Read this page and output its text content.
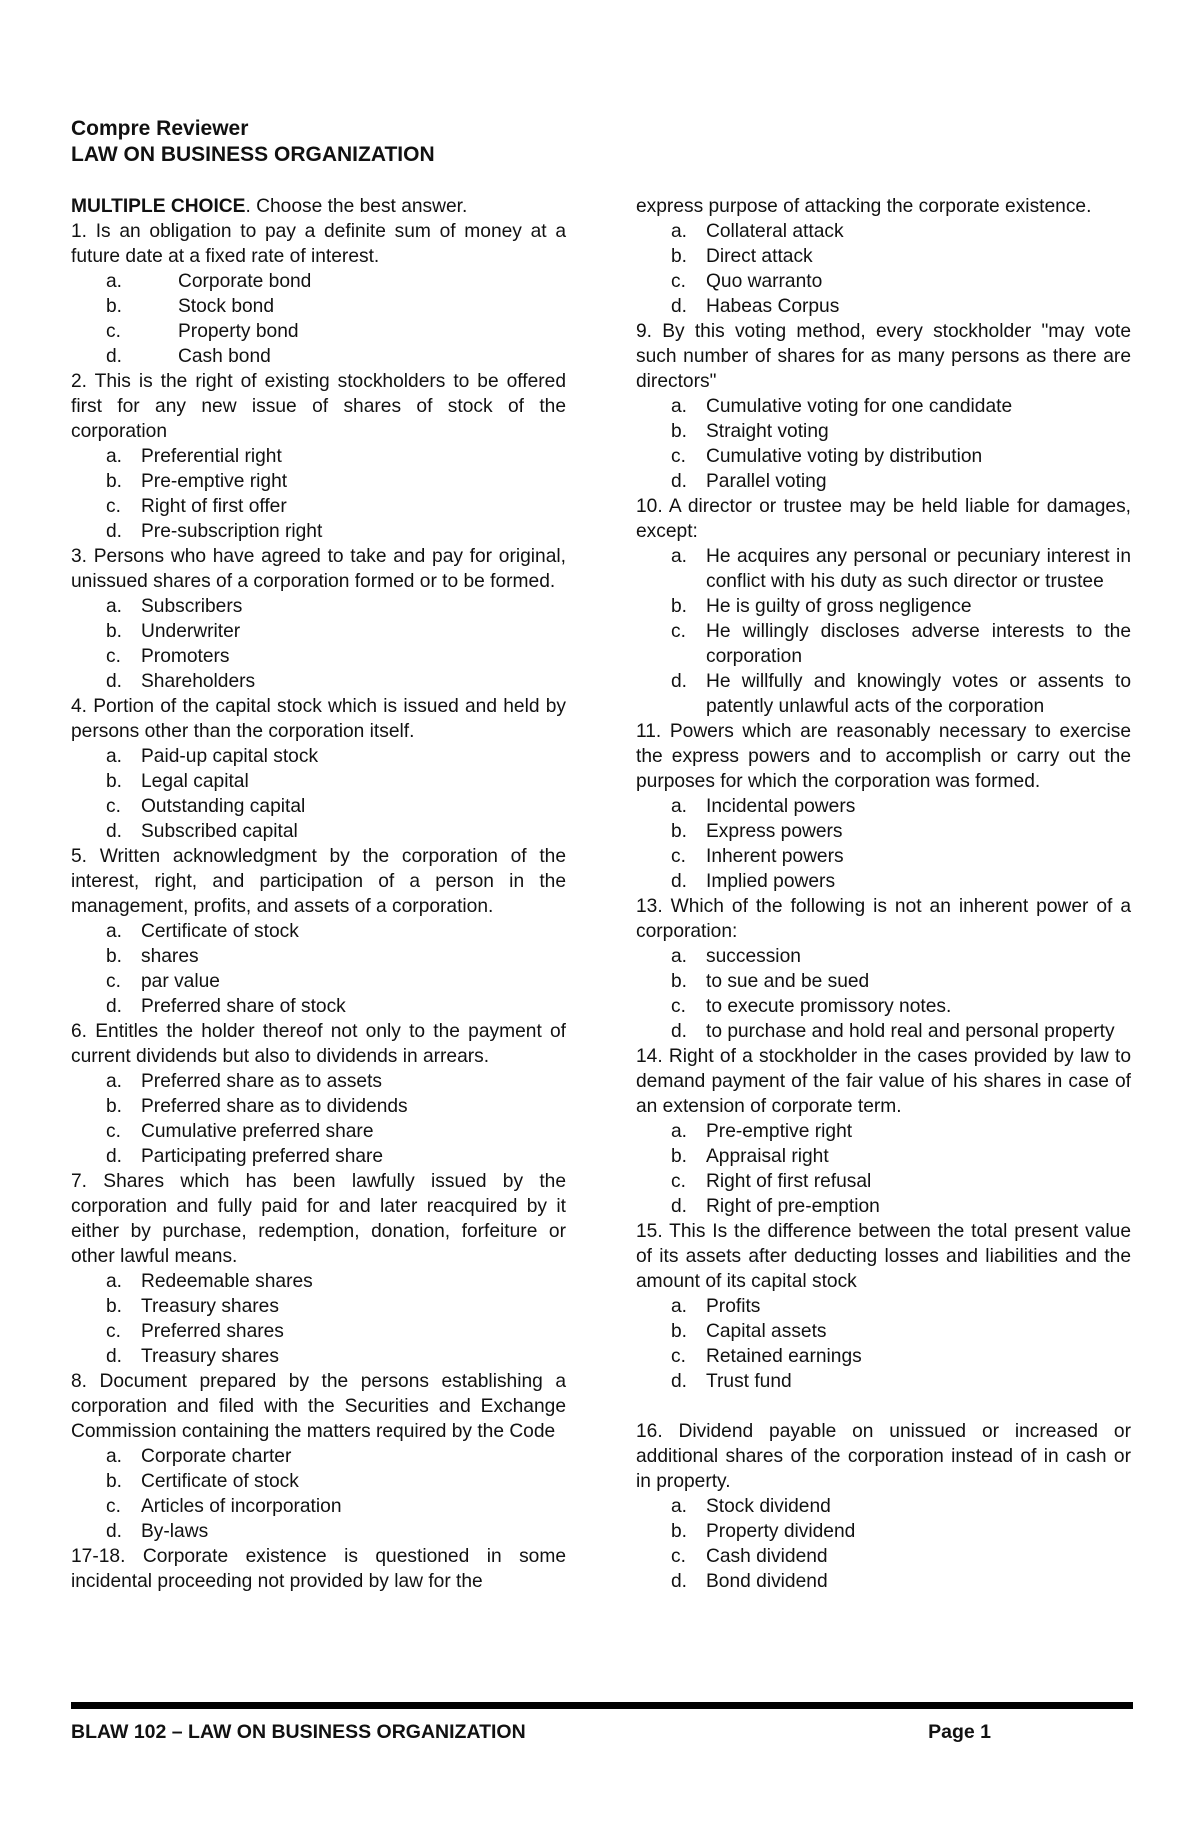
Compre Reviewer
LAW ON BUSINESS ORGANIZATION

MULTIPLE CHOICE. Choose the best answer.

1. Is an obligation to pay a definite sum of money at a future date at a fixed rate of interest.

a.	Corporate bond
b.	Stock bond
c.	Property bond
d.	Cash bond

2. This is the right of existing stockholders to be offered first for any new issue of shares of stock of the corporation

a. Preferential right
b. Pre-emptive right
c.	Right of first offer
d. Pre-subscription right

3. Persons who have agreed to take and pay for original, unissued shares of a corporation formed or to be formed.

a. Subscribers
b. Underwriter
c.	Promoters
d. Shareholders

4. Portion of the capital stock which is issued and held by persons other than the corporation itself.

a. Paid-up capital stock
b. Legal capital
c.	Outstanding capital
d. Subscribed capital

5. Written acknowledgment by the corporation of the interest, right, and participation of a person in the management, profits, and assets of a corporation.

a. Certificate of stock
b. shares
c.	par value
d. Preferred share of stock

6. Entitles the holder thereof not only to the payment of current dividends but also to dividends in arrears.

a. Preferred share as to assets
b. Preferred share as to dividends
c.	Cumulative preferred share
d. Participating preferred share

7. Shares which has been lawfully issued by the corporation and fully paid for and later reacquired by it either by purchase, redemption, donation, forfeiture or other lawful means.

a. Redeemable shares
b. Treasury shares
c.	Preferred shares
d. Treasury shares

8. Document prepared by the persons establishing a corporation and filed with the Securities and Exchange Commission containing the matters required by the Code

a. Corporate charter
b. Certificate of stock
c.	Articles of incorporation
d. By-laws

17-18. Corporate existence is questioned in some incidental proceeding not provided by law for the

express purpose of attacking the corporate existence.

a. Collateral attack
b. Direct attack
c.	Quo warranto
d. Habeas Corpus

9. By this voting method, every stockholder "may vote such number of shares for as many persons as there are directors"

a. Cumulative voting for one candidate
b. Straight voting
c.	Cumulative voting by distribution
d. Parallel voting

10. A director or trustee may be held liable for damages, except:

a. He acquires any personal or pecuniary interest in conflict with his duty as such director or trustee
b. He is guilty of gross negligence
c.	He willingly discloses adverse interests to the corporation
d. He willfully and knowingly votes or assents to patently unlawful acts of the corporation

11. Powers which are reasonably necessary to exercise the express powers and to accomplish or carry out the purposes for which the corporation was formed.

a. Incidental powers
b. Express powers
c.	Inherent powers
d. Implied powers

13. Which of the following is not an inherent power of a corporation:

a. succession
b. to sue and be sued
c.	to execute promissory notes.
d. to purchase and hold real and personal property

14. Right of a stockholder in the cases provided by law to demand payment of the fair value of his shares in case of an extension of corporate term.

a. Pre-emptive right
b. Appraisal right
c.	Right of first refusal
d. Right of pre-emption

15. This Is the difference between the total present value of its assets after deducting losses and liabilities and the amount of its capital stock

a. Profits
b. Capital assets
c.	Retained earnings
d. Trust fund

16. Dividend payable on unissued or increased or additional shares of the corporation instead of in cash or in property.

a. Stock dividend
b. Property dividend
c.	Cash dividend
d. Bond dividend
BLAW 102 – LAW ON BUSINESS ORGANIZATION	Page 1
